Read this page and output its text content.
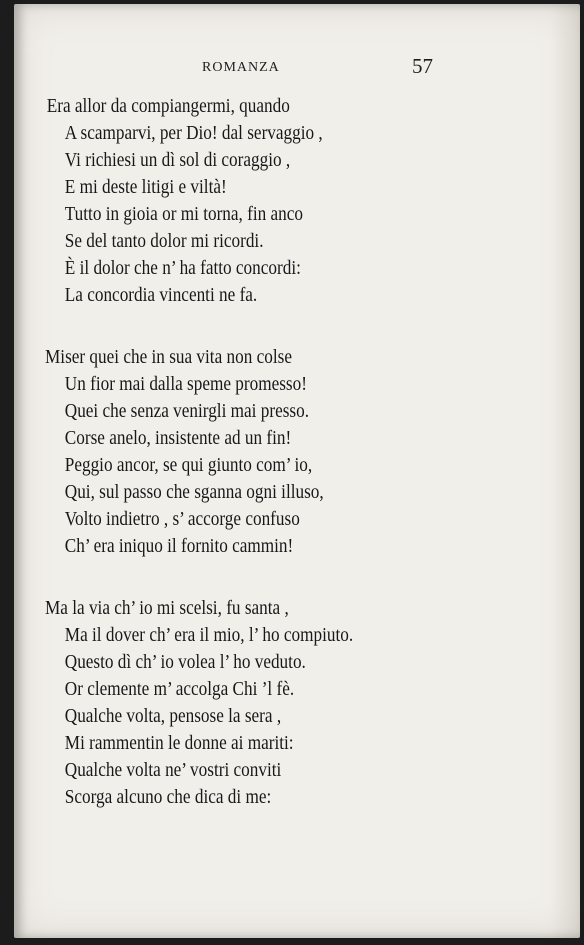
ROMANZA	57
Era allor da compiangermi, quando
A scamparvi, per Dio! dal servaggio ,
Vi richiesi un dì sol di coraggio ,
E mi deste litigi e viltà!
Tutto in gioia or mi torna, fin anco
Se del tanto dolor mi ricordi.
È il dolor che n’ ha fatto concordi:
La concordia vincenti ne fa.
Miser quei che in sua vita non colse
Un fior mai dalla speme promesso!
Quei che senza venirgli mai presso.
Corse anelo, insistente ad un fin!
Peggio ancor, se qui giunto com’ io,
Qui, sul passo che sganna ogni illuso,
Volto indietro , s’ accorge confuso
Ch’ era iniquo il fornito cammin!
Ma la via ch’ io mi scelsi, fu santa ,
Ma il dover ch’ era il mio, l’ ho compiuto.
Questo dì ch’ io volea l’ ho veduto.
Or clemente m’ accolga Chi ’l fè.
Qualche volta, pensose la sera ,
Mi rammentin le donne ai mariti:
Qualche volta ne’ vostri conviti
Scorga alcuno che dica di me:
